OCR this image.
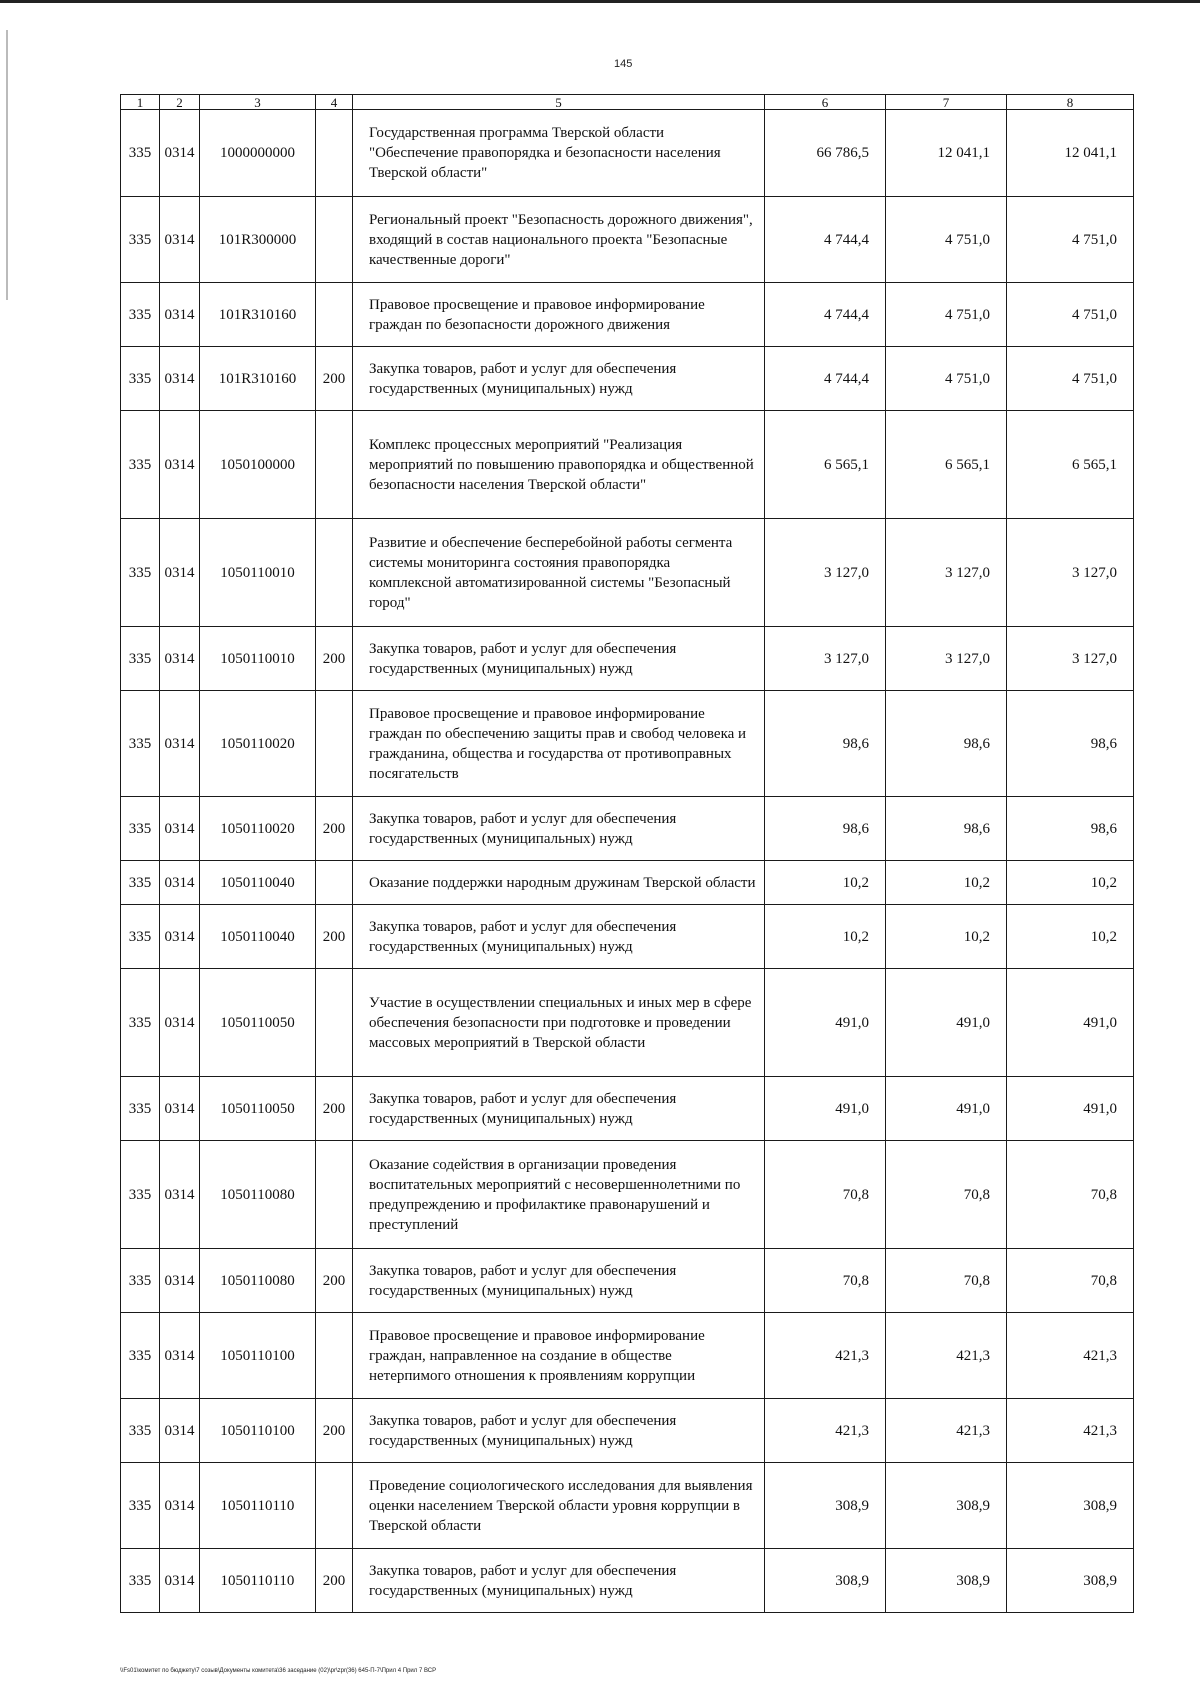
145
1	2	3	4	5	6	7	8
335	0314	1000000000		Государственная программа Тверской области "Обеспечение правопорядка и безопасности населения Тверской области"	66 786,5	12 041,1	12 041,1
335	0314	101R300000		Региональный проект "Безопасность дорожного движения", входящий в состав национального проекта "Безопасные качественные дороги"	4 744,4	4 751,0	4 751,0
335	0314	101R310160		Правовое просвещение и правовое информирование граждан по безопасности дорожного движения	4 744,4	4 751,0	4 751,0
335	0314	101R310160	200	Закупка товаров, работ и услуг для обеспечения государственных (муниципальных) нужд	4 744,4	4 751,0	4 751,0
335	0314	1050100000		Комплекс процессных мероприятий "Реализация мероприятий по повышению правопорядка и общественной безопасности населения Тверской области"	6 565,1	6 565,1	6 565,1
335	0314	1050110010		Развитие и обеспечение бесперебойной работы сегмента системы мониторинга состояния правопорядка комплексной автоматизированной системы "Безопасный город"	3 127,0	3 127,0	3 127,0
335	0314	1050110010	200	Закупка товаров, работ и услуг для обеспечения государственных (муниципальных) нужд	3 127,0	3 127,0	3 127,0
335	0314	1050110020		Правовое просвещение и правовое информирование граждан по обеспечению защиты прав и свобод человека и гражданина, общества и государства от противоправных посягательств	98,6	98,6	98,6
335	0314	1050110020	200	Закупка товаров, работ и услуг для обеспечения государственных (муниципальных) нужд	98,6	98,6	98,6
335	0314	1050110040		Оказание поддержки народным дружинам Тверской области	10,2	10,2	10,2
335	0314	1050110040	200	Закупка товаров, работ и услуг для обеспечения государственных (муниципальных) нужд	10,2	10,2	10,2
335	0314	1050110050		Участие в осуществлении специальных и иных мер в сфере обеспечения безопасности при подготовке и проведении массовых мероприятий в Тверской области	491,0	491,0	491,0
335	0314	1050110050	200	Закупка товаров, работ и услуг для обеспечения государственных (муниципальных) нужд	491,0	491,0	491,0
335	0314	1050110080		Оказание содействия в организации проведения воспитательных мероприятий с несовершеннолетними по предупреждению и профилактике правонарушений и преступлений	70,8	70,8	70,8
335	0314	1050110080	200	Закупка товаров, работ и услуг для обеспечения государственных (муниципальных) нужд	70,8	70,8	70,8
335	0314	1050110100		Правовое просвещение и правовое информирование граждан, направленное на создание в обществе нетерпимого отношения к проявлениям коррупции	421,3	421,3	421,3
335	0314	1050110100	200	Закупка товаров, работ и услуг для обеспечения государственных (муниципальных) нужд	421,3	421,3	421,3
335	0314	1050110110		Проведение социологического исследования для выявления оценки населением Тверской области уровня коррупции в Тверской области	308,9	308,9	308,9
335	0314	1050110110	200	Закупка товаров, работ и услуг для обеспечения государственных (муниципальных) нужд	308,9	308,9	308,9
\\Fs01\комитет по бюджету\7 созыв\Документы комитета\36 заседание (02)\pr\zpr(36) 645-П-7\Прил 4 Прил 7 ВСР
